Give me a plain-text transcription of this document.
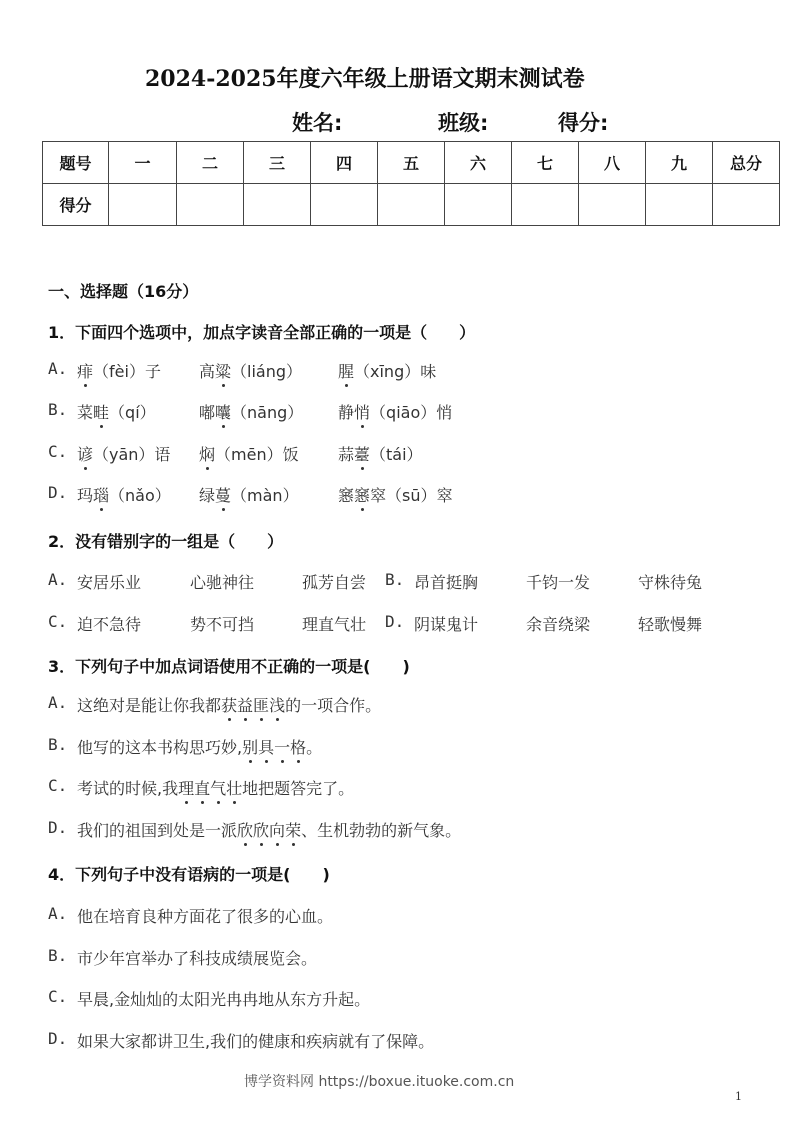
2024-2025年度六年级上册语文期末测试卷
姓名:	班级:	得分:
题号	一	二	三	四	五	六	七	八	九	总分
得分										
一、选择题（16分）
1．下面四个选项中，加点字读音全部正确的一项是（　　）
A. 痱（fèi）子 高粱（liáng） 腥（xīng）味
B. 菜畦（qí）	嘟囔（nāng） 静悄（qiāo）悄
C. 谚（yān）语 焖（mēn）饭 蒜薹（tái）
D. 玛瑙（nǎo） 绿蔓（màn） 窸窸窣（sū）窣
2．没有错别字的一组是（　　）
A. 安居乐业	心驰神往	孤芳自尝 B. 昂首挺胸	千钧一发	守株待兔
C. 迫不急待	势不可挡	理直气壮 D. 阴谋鬼计	余音绕梁	轻歌慢舞
3．下列句子中加点词语使用不正确的一项是(　　)
A. 这绝对是能让你我都获益匪浅的一项合作。
B. 他写的这本书构思巧妙,别具一格。
C. 考试的时候,我理直气壮地把题答完了。
D. 我们的祖国到处是一派欣欣向荣、生机勃勃的新气象。
4．下列句子中没有语病的一项是(　　)
A. 他在培育良种方面花了很多的心血。
B. 市少年宫举办了科技成绩展览会。
C. 早晨,金灿灿的太阳光冉冉地从东方升起。
D. 如果大家都讲卫生,我们的健康和疾病就有了保障。
博学资料网 https://boxue.ituoke.com.cn
1
